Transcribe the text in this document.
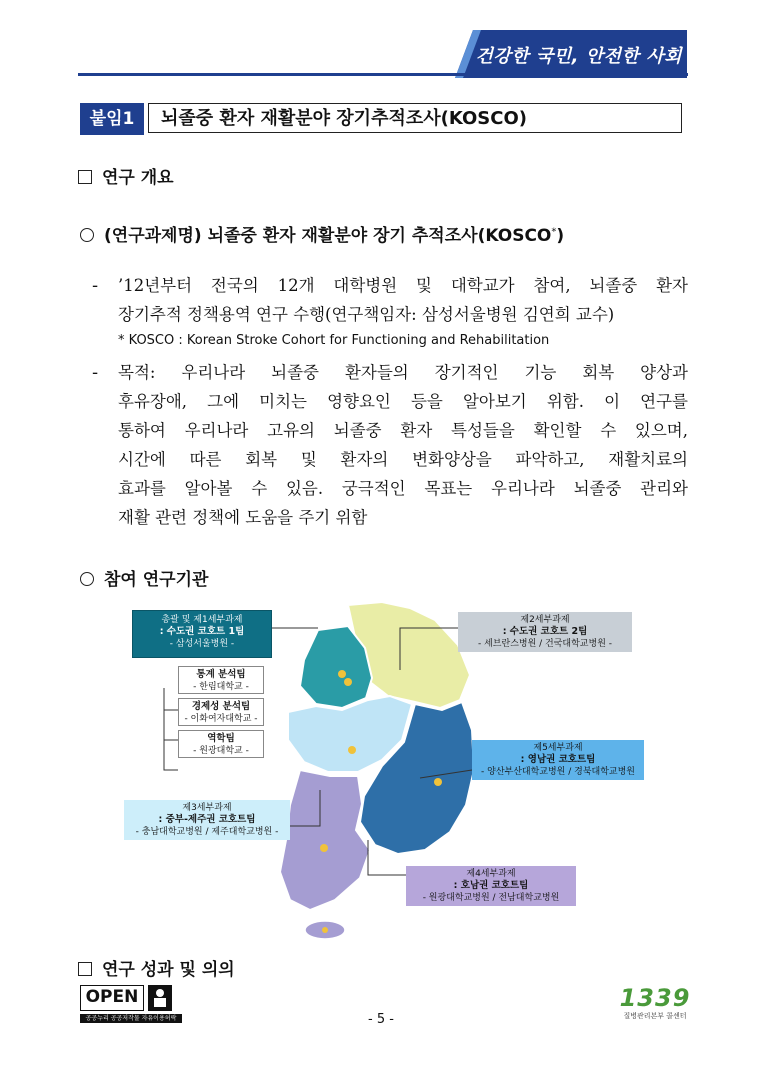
건강한 국민, 안전한 사회
붙임1	뇌졸중 환자 재활분야 장기추적조사(KOSCO)
연구 개요
(연구과제명) 뇌졸중 환자 재활분야 장기 추적조사(KOSCO*)
- ’12년부터 전국의 12개 대학병원 및 대학교가 참여, 뇌졸중 환자
장기추적 정책용역 연구 수행(연구책임자: 삼성서울병원 김연희 교수)
* KOSCO : Korean Stroke Cohort for Functioning and Rehabilitation
- 목적: 우리나라 뇌졸중 환자들의 장기적인 기능 회복 양상과
후유장애, 그에 미치는 영향요인 등을 알아보기 위함. 이 연구를
통하여 우리나라 고유의 뇌졸중 환자 특성들을 확인할 수 있으며,
시간에 따른 회복 및 환자의 변화양상을 파악하고, 재활치료의
효과를 알아볼 수 있음. 궁극적인 목표는 우리나라 뇌졸중 관리와
재활 관련 정책에 도움을 주기 위함
참여 연구기관
총괄 및 제1세부과제
: 수도권 코호트 1팀
- 삼성서울병원 -
제2세부과제
: 수도권 코호트 2팀
- 세브란스병원 / 건국대학교병원 -
통계 분석팀
- 한림대학교 -
경제성 분석팀
- 이화여자대학교 -
역학팀
- 원광대학교 -	제5세부과제
: 영남권 코호트팀
- 양산부산대학교병원 / 경북대학교병원
제3세부과제
: 중부-제주권 코호트팀
- 충남대학교병원 / 제주대학교병원 -
제4세부과제
: 호남권 코호트팀
- 원광대학교병원 / 전남대학교병원
연구 성과 및 의의
OPEN
공공누리 공공저작물 자유이용허락	- 5 -
1339
질병관리본부 콜센터
